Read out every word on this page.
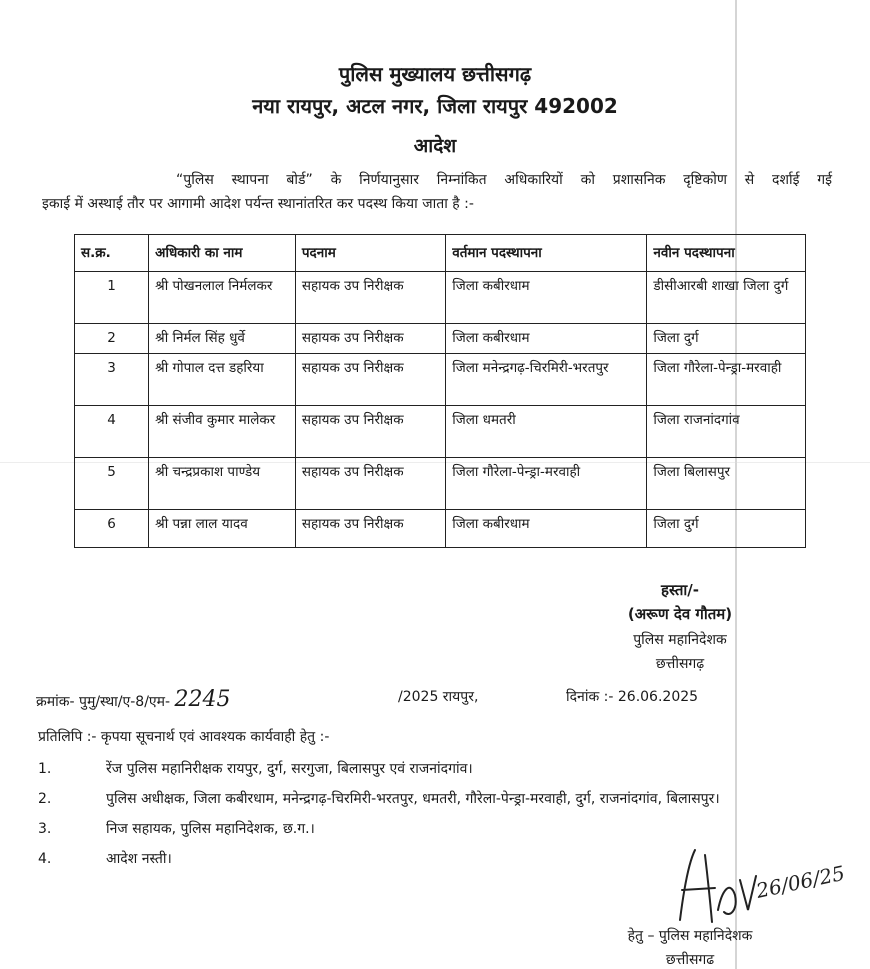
पुलिस मुख्यालय छत्तीसगढ़
नया रायपुर, अटल नगर, जिला रायपुर 492002
आदेश

“पुलिस स्थापना बोर्ड” के निर्णयानुसार निम्नांकित अधिकारियों को प्रशासनिक दृष्टिकोण से दर्शाई गई

इकाई में अस्थाई तौर पर आगामी आदेश पर्यन्त स्थानांतरित कर पदस्थ किया जाता है :-

स.क्र.	अधिकारी का नाम	पदनाम	वर्तमान पदस्थापना	नवीन पदस्थापना
1	श्री पोखनलाल निर्मलकर	सहायक उप निरीक्षक	जिला कबीरधाम	डीसीआरबी शाखा जिला दुर्ग
2	श्री निर्मल सिंह धुर्वे	सहायक उप निरीक्षक	जिला कबीरधाम	जिला दुर्ग
3	श्री गोपाल दत्त डहरिया	सहायक उप निरीक्षक	जिला मनेन्द्रगढ़-चिरमिरी-भरतपुर	जिला गौरेला-पेन्ड्रा-मरवाही
4	श्री संजीव कुमार मालेकर	सहायक उप निरीक्षक	जिला धमतरी	जिला राजनांदगांव
5	श्री चन्द्रप्रकाश पाण्डेय	सहायक उप निरीक्षक	जिला गौरेला-पेन्ड्रा-मरवाही	जिला बिलासपुर
6	श्री पन्ना लाल यादव	सहायक उप निरीक्षक	जिला कबीरधाम	जिला दुर्ग
हस्ता/-
(अरूण देव गौतम)
पुलिस महानिदेशक
छत्तीसगढ़
क्रमांक- पुमु/स्था/ए-8/एम- 2245	/2025 रायपुर,	दिनांक :- 26.06.2025
प्रतिलिपि :- कृपया सूचनार्थ एवं आवश्यक कार्यवाही हेतु :-
1.	रेंज पुलिस महानिरीक्षक रायपुर, दुर्ग, सरगुजा, बिलासपुर एवं राजनांदगांव।
2.	पुलिस अधीक्षक, जिला कबीरधाम, मनेन्द्रगढ़-चिरमिरी-भरतपुर, धमतरी, गौरेला-पेन्ड्रा-मरवाही, दुर्ग, राजनांदगांव, बिलासपुर।
3.	निज सहायक, पुलिस महानिदेशक, छ.ग.।
4.	आदेश नस्ती।
26/06/25
हेतु – पुलिस महानिदेशक
छत्तीसगढ
